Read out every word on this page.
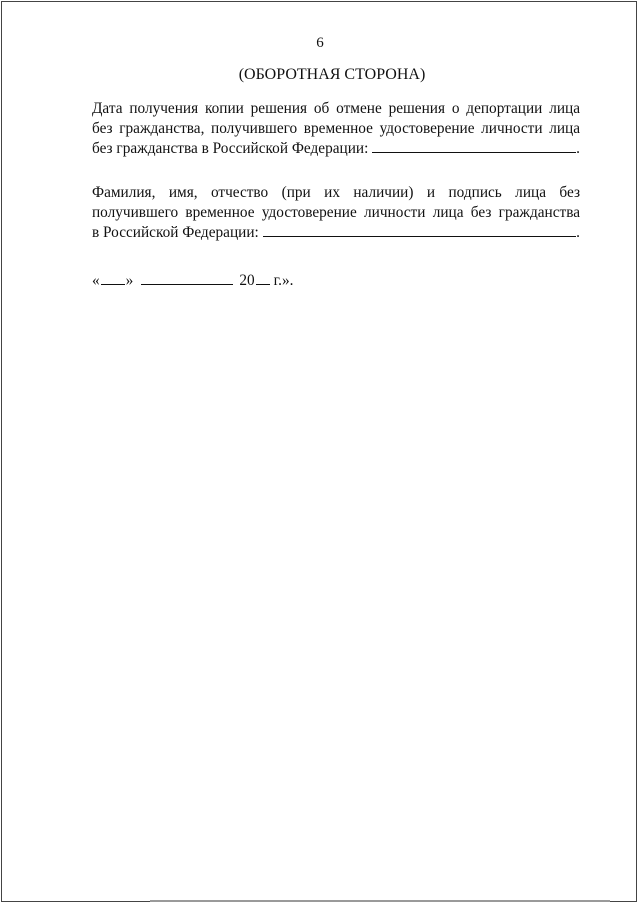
6
(ОБОРОТНАЯ СТОРОНА)
Дата получения копии решения об отмене решения о депортации лица
без гражданства, получившего временное удостоверение личности лица
без гражданства в Российской Федерации:	.
Фамилия, имя, отчество (при их наличии) и подпись лица без
получившего временное удостоверение личности лица без гражданства
в Российской Федерации:	.
« »	20 г.».
